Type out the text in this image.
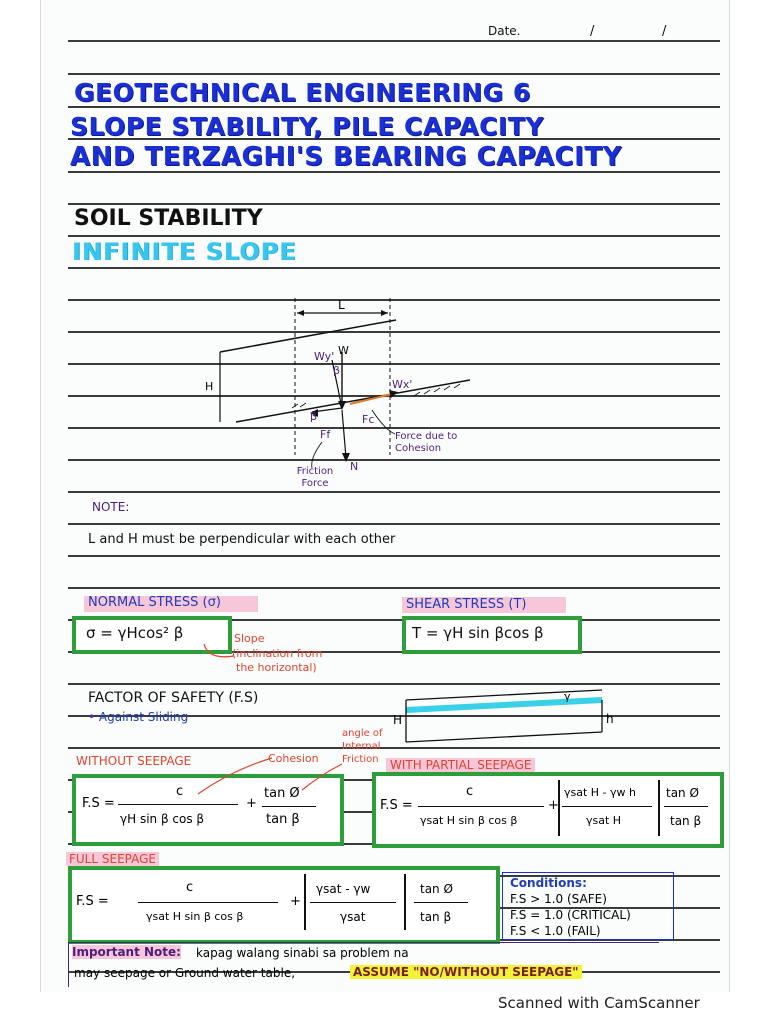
Date.	/	/
GEOTECHNICAL ENGINEERING 6
SLOPE STABILITY, PILE CAPACITY
AND TERZAGHI'S BEARING CAPACITY
SOIL STABILITY
INFINITE SLOPE
L
W
Wy'
β
Wx'
H
β
Ff
Fc
N
Force due to Cohesion
Friction Force
NOTE:
L and H must be perpendicular with each other
NORMAL STRESS (σ)
σ = γHcos² β	Slope
(inclination from
the horizontal)
SHEAR STRESS (T)
T = γH sin βcos β
FACTOR OF SAFETY (F.S)
• Against Sliding	H	h
γ
WITHOUT SEEPAGE	Cohesion
angle of
Internal
Friction
F.S =
c
γH sin β cos β
+
tan Ø
tan β
WITH PARTIAL SEEPAGE
F.S =
c
γsat H sin β cos β
+
γsat H - γw h
γsat H
tan Ø
tan β
FULL SEEPAGE
F.S =
c
γsat H sin β cos β
+
γsat - γw
γsat
tan Ø
tan β
Conditions:
F.S > 1.0 (SAFE)
F.S = 1.0 (CRITICAL)
F.S < 1.0 (FAIL)
Important Note: kapag walang sinabi sa problem na
may seepage or Ground water table,	ASSUME "NO/WITHOUT SEEPAGE"
Scanned with CamScanner
